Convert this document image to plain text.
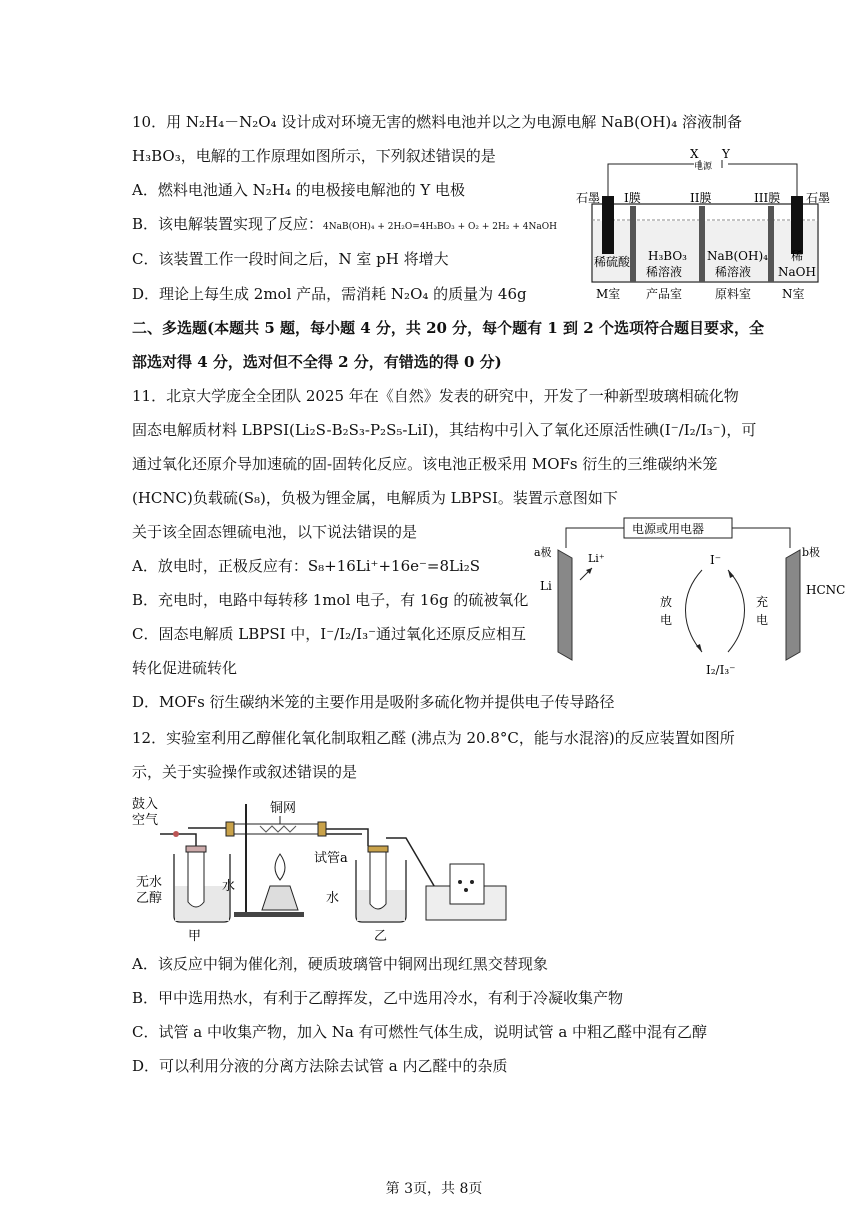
10．用 N₂H₄－N₂O₄ 设计成对环境无害的燃料电池并以之为电源电解 NaB(OH)₄ 溶液制备
H₃BO₃，电解的工作原理如图所示，下列叙述错误的是
A．燃料电池通入 N₂H₄ 的电极接电解池的 Y 电极
B．该电解装置实现了反应：4NaB(OH)₄ + 2H₂O=4H₃BO₃ + O₂ + 2H₂ + 4NaOH
C．该装置工作一段时间之后，N 室 pH 将增大
D．理论上每生成 2mol 产品，需消耗 N₂O₄ 的质量为 46g
X Y
电源
石墨 I膜	II膜	III膜 石墨
稀硫酸 H₃BO₃
稀溶液
NaB(OH)₄
稀溶液
稀
NaOH
M室 产品室	原料室	N室
二、多选题(本题共 5 题，每小题 4 分，共 20 分，每个题有 1 到 2 个选项符合题目要求，全
部选对得 4 分，选对但不全得 2 分，有错选的得 0 分)
11．北京大学庞全全团队 2025 年在《自然》发表的研究中，开发了一种新型玻璃相硫化物
固态电解质材料 LBPSI(Li₂S-B₂S₃-P₂S₅-LiI)，其结构中引入了氧化还原活性碘(I⁻/I₂/I₃⁻)，可
通过氧化还原介导加速硫的固-固转化反应。该电池正极采用 MOFs 衍生的三维碳纳米笼
(HCNC)负载硫(S₈)，负极为锂金属，电解质为 LBPSI。装置示意图如下
关于该全固态锂硫电池，以下说法错误的是
A．放电时，正极反应有：S₈+16Li⁺+16e⁻=8Li₂S
B．充电时，电路中每转移 1mol 电子，有 16g 的硫被氧化
C．固态电解质 LBPSI 中，I⁻/I₂/I₃⁻通过氧化还原反应相互
转化促进硫转化
D．MOFs 衍生碳纳米笼的主要作用是吸附多硫化物并提供电子传导路径
电源或用电器
a极
Li
Li⁺	b极
HCNC
I⁻
I₂/I₃⁻
放
电
充
电
12．实验室利用乙醇催化氧化制取粗乙醛 (沸点为 20.8°C，能与水混溶)的反应装置如图所
示，关于实验操作或叙述错误的是
鼓入
空气
铜网
无水
乙醇
水
甲
试管a
水
乙
A．该反应中铜为催化剂，硬质玻璃管中铜网出现红黑交替现象
B．甲中选用热水，有利于乙醇挥发，乙中选用冷水，有利于冷凝收集产物
C．试管 a 中收集产物，加入 Na 有可燃性气体生成，说明试管 a 中粗乙醛中混有乙醇
D．可以利用分液的分离方法除去试管 a 内乙醛中的杂质
第 3页，共 8页
